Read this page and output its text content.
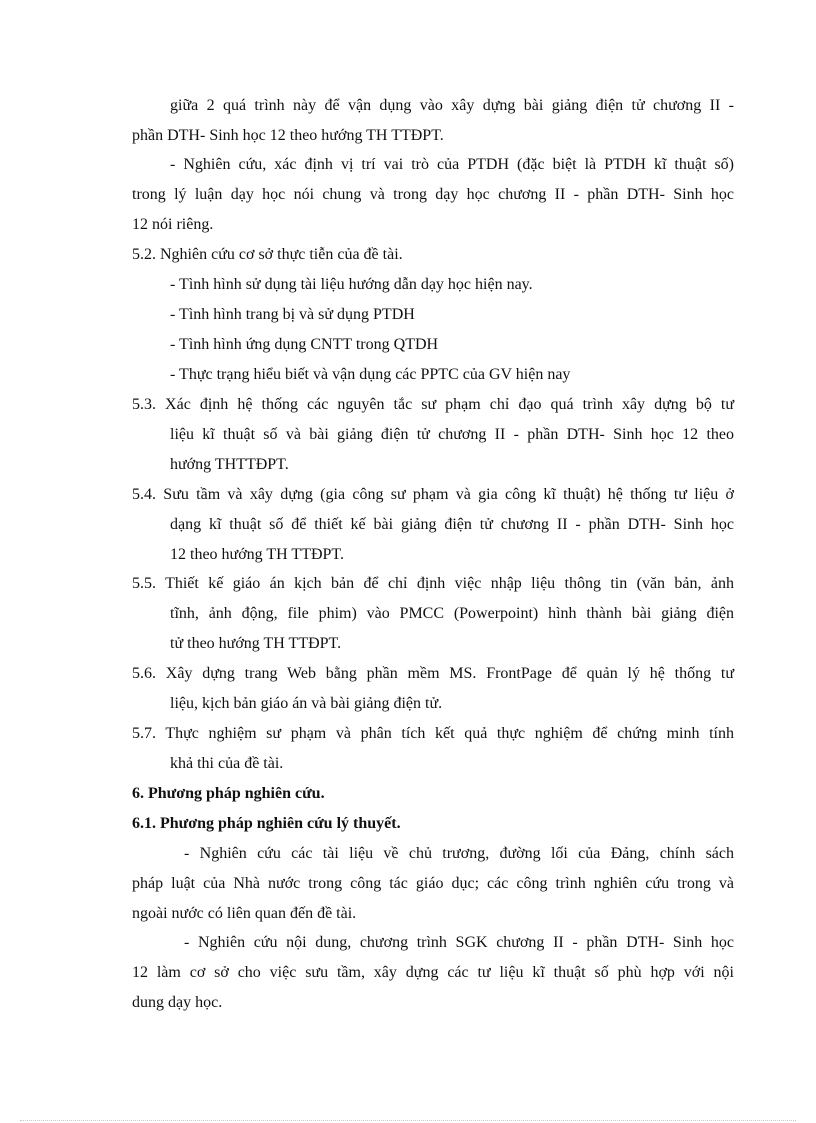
giữa 2 quá trình này để vận dụng vào xây dựng bài giảng điện tử chương II -
phần DTH- Sinh học 12 theo hướng TH TTĐPT.
- Nghiên cứu, xác định vị trí vai trò của PTDH (đặc biệt là PTDH kĩ thuật số)
trong lý luận dạy học nói chung và trong dạy học chương II - phần DTH- Sinh học
12 nói riêng.
5.2. Nghiên cứu cơ sở thực tiễn của đề tài.
- Tình hình sử dụng tài liệu hướng dẫn dạy học hiện nay.
- Tình hình trang bị và sử dụng PTDH
- Tình hình ứng dụng CNTT trong QTDH
- Thực trạng hiểu biết và vận dụng các PPTC của GV hiện nay
5.3. Xác định hệ thống các nguyên tắc sư phạm chỉ đạo quá trình xây dựng bộ tư
liệu kĩ thuật số và bài giảng điện tử chương II - phần DTH- Sinh học 12 theo
hướng THTTĐPT.
5.4. Sưu tầm và xây dựng (gia công sư phạm và gia công kĩ thuật) hệ thống tư liệu ở
dạng kĩ thuật số để thiết kế bài giảng điện tử chương II - phần DTH- Sinh học
12 theo hướng TH TTĐPT.
5.5. Thiết kế giáo án kịch bản để chỉ định việc nhập liệu thông tin (văn bản, ảnh
tĩnh, ảnh động, file phim) vào PMCC (Powerpoint) hình thành bài giảng điện
tử theo hướng TH TTĐPT.
5.6. Xây dựng trang Web bằng phần mềm MS. FrontPage để quản lý hệ thống tư
liệu, kịch bản giáo án và bài giảng điện tử.
5.7. Thực nghiệm sư phạm và phân tích kết quả thực nghiệm để chứng minh tính
khả thi của đề tài.
6. Phương pháp nghiên cứu.
6.1. Phương pháp nghiên cứu lý thuyết.
- Nghiên cứu các tài liệu về chủ trương, đường lối của Đảng, chính sách
pháp luật của Nhà nước trong công tác giáo dục; các công trình nghiên cứu trong và
ngoài nước có liên quan đến đề tài.
- Nghiên cứu nội dung, chương trình SGK chương II - phần DTH- Sinh học
12 làm cơ sở cho việc sưu tầm, xây dựng các tư liệu kĩ thuật số phù hợp với nội
dung dạy học.
